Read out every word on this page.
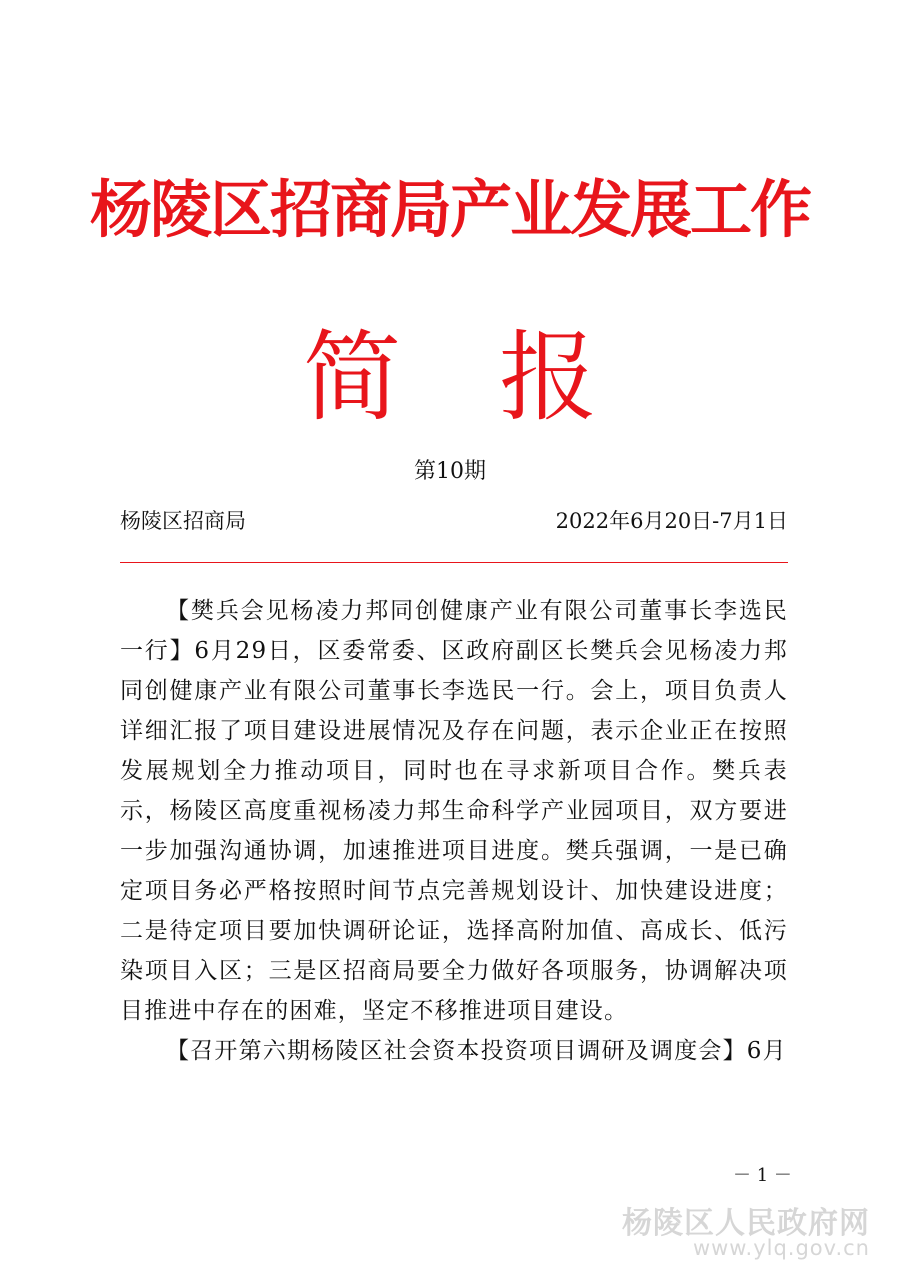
杨陵区招商局产业发展工作
简　报
第10期
杨陵区招商局	2022年6月20日-7月1日

【樊兵会见杨凌力邦同创健康产业有限公司董事长李选民一行】6月29日，区委常委、区政府副区长樊兵会见杨凌力邦同创健康产业有限公司董事长李选民一行。会上，项目负责人详细汇报了项目建设进展情况及存在问题，表示企业正在按照发展规划全力推动项目，同时也在寻求新项目合作。樊兵表示，杨陵区高度重视杨凌力邦生命科学产业园项目，双方要进一步加强沟通协调，加速推进项目进度。樊兵强调，一是已确定项目务必严格按照时间节点完善规划设计、加快建设进度；二是待定项目要加快调研论证，选择高附加值、高成长、低污染项目入区；三是区招商局要全力做好各项服务，协调解决项目推进中存在的困难，坚定不移推进项目建设。

【召开第六期杨陵区社会资本投资项目调研及调度会】6月

－ 1 －
杨陵区人民政府网
www.ylq.gov.cn
